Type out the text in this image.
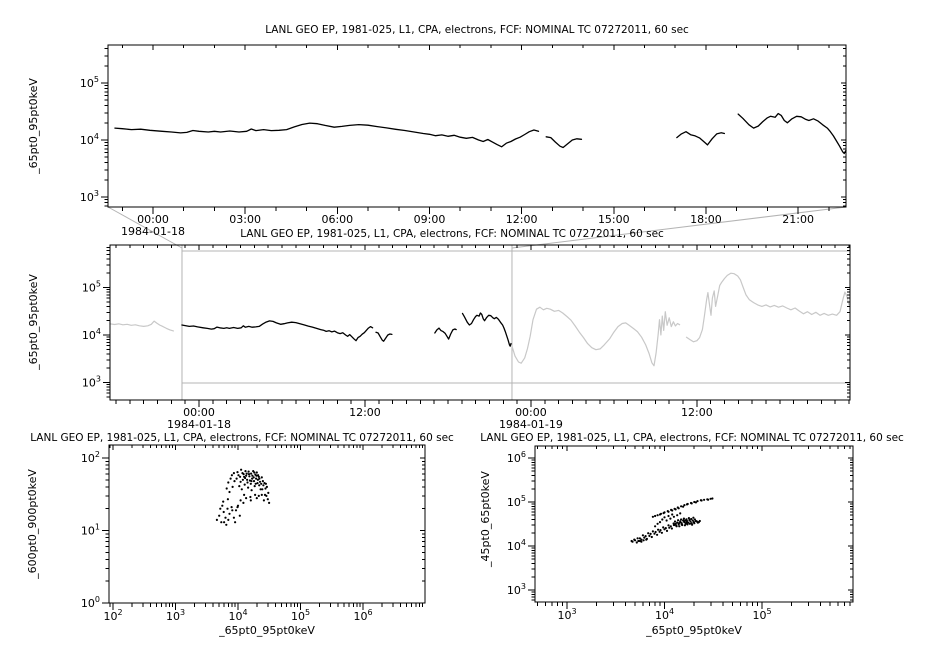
$10^3$
$10^4$
$10^5$
00:00	03:00	06:00	09:00	12:00	15:00	18:00	21:00
1984-01-18
$10^3$
$10^4$
$10^5$
00:00	12:00	00:00	12:00
1984-01-18	1984-01-19
$10^0$
$10^1$
$10^2$
$10^2$	$10^3$	$10^4$	$10^5$	$10^6$
$10^3$
$10^4$
$10^5$
$10^6$
$10^3$	$10^4$	$10^5$
LANL GEO EP, 1981-025, L1, CPA, electrons, FCF: NOMINAL TC 07272011, 60 sec
LANL GEO EP, 1981-025, L1, CPA, electrons, FCF: NOMINAL TC 07272011, 60 sec
LANL GEO EP, 1981-025, L1, CPA, electrons, FCF: NOMINAL TC 07272011, 60 sec	LANL GEO EP, 1981-025, L1, CPA, electrons, FCF: NOMINAL TC 07272011, 60 sec
_65pt0_95pt0keV
_65pt0_95pt0keV
_600pt0_900pt0keV	_45pt0_65pt0keV
_65pt0_95pt0keV	_65pt0_95pt0keV
